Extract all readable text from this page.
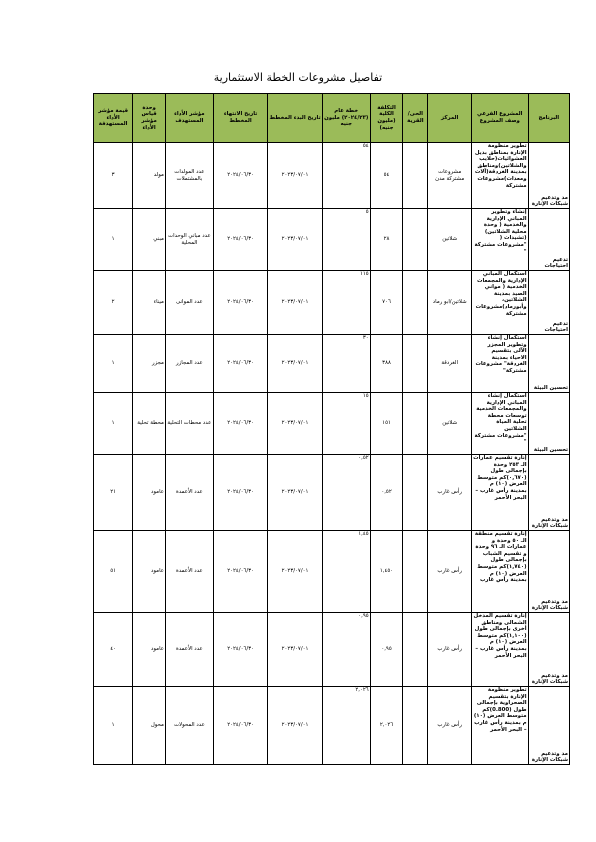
تفاصيل مشروعات الخطة الاستثمارية
البرنامج	المشروع الفرعي وصف المشروع	المركز	الحى/ القرية	التكلفة الكلية (مليون جنيه)	خطة عام (٢٠٢٤/٢٣) مليون جنيه	تاريخ البدء المخطط	تاريخ الانتهاء المخطط	مؤشر الأداء المستهدف	وحدة قياس مؤشر الأداء	قيمة مؤشر الأداء المستهدفة
مد وتدعيم شبكات الإنارة	تطوير منظومة الإنارة بمناطق بديل العشوائيات(حلايب والشلاتين)ومناطق بمدينة الغردقة(آلات ومعدات)مشروعات مشتركة	مشروعات مشتركة مدن		٥٤	٥٤	٢٠٢٣/٠٧/٠١	٢٠٢٤/٠٦/٣٠	عدد المولدات بالمشتملات	مولد	٣
تدعيم احتياجات	إنشاء وتطوير المباني الإدارية والخدمية ( وحدة محلية الشلاتين)(تشيدات ( "مشروعات مشتركة "	شلاتين		٢٨	٥	٢٠٢٣/٠٧/٠١	٢٠٢٤/٠٦/٣٠	عدد مباني الوحدات المحلية	مبني	١
تدعيم احتياجات	استكمال المباني الإدارية والمجمعات الخدمية ( مواني الصيد بمدينة الشلاتين، وأبورماد)مشروعات مشتركة	شلاتين/ابو رماد		٧٠٦	١١٥	٢٠٢٣/٠٧/٠١	٢٠٢٤/٠٦/٣٠	عدد الموانى	ميناء	٢
تحسين البيئة	استكمال إنشاء وتطوير المجزر الآلى بتقسيم الاحياء بمدينة الغردقة" مشروعات مشتركة"	الغردقة		٣٨٨	٣٠	٢٠٢٣/٠٧/٠١	٢٠٢٤/٠٦/٣٠	عدد المجازر	مجزر	١
تحسين البيئة	استكمال إنشاء المباني الإدارية والمجمعات الخدمية توسعات محطة تحلية المياة الشلاتين "مشروعات مشتركة "	شلاتين		١٥١	١٥	٢٠٢٣/٠٧/٠١	٢٠٢٤/٠٦/٣٠	عدد محطات التحلية	محطة تحلية	١
مد وتدعيم شبكات الإنارة	إنارة تقسيم عمارات الـ ٢٥٣ وحدة بإجمالى طول (٠,٦٧٠)كم متوسط العرض (١٠) م بمدينة رأس غارب – البحر الأحمر	رأس غارب		٠,٥٢	٠,٥٢	٢٠٢٣/٠٧/٠١	٢٠٢٤/٠٦/٣٠	عدد الأعمدة	عامود	٢١
مد وتدعيم شبكات الإنارة	إنارة تقسيم منطقة الـ ٥٠ وحدة و عمارات الـ ٩٦ وحدة و تقسيم الشباب بإجمالى طول (١,٧٤٠)كم متوسط العرض (١٠) م بمدينة رأس غارب	رأس غارب		١,٤٥٠	١,٤٥	٢٠٢٣/٠٧/٠١	٢٠٢٤/٠٦/٣٠	عدد الأعمدة	عامود	٥١
مد وتدعيم شبكات الإنارة	إنارة تقسيم المدخل الشمالى ومناطق أخرى بإجمالى طول (١,١٠٠)كم متوسط العرض (١٠) م بمدينة رأس غارب – البحر الأحمر	رأس غارب		٠,٩٥	٠,٩٥	٢٠٢٣/٠٧/٠١	٢٠٢٤/٠٦/٣٠	عدد الأعمدة	عامود	٤٠
مد وتدعيم شبكات الإنارة	تطوير منظومة الإنارة بتقسيم الصحراوية بإجمالى طول (0.800)كم متوسط العرض (١٠) م بمدينة رأس غارب – البحر الأحمر	رأس غارب		٢,٠٢٦	٢,٠٢٦	٢٠٢٣/٠٧/٠١	٢٠٢٤/٠٦/٣٠	عدد المحولات	محول	١
